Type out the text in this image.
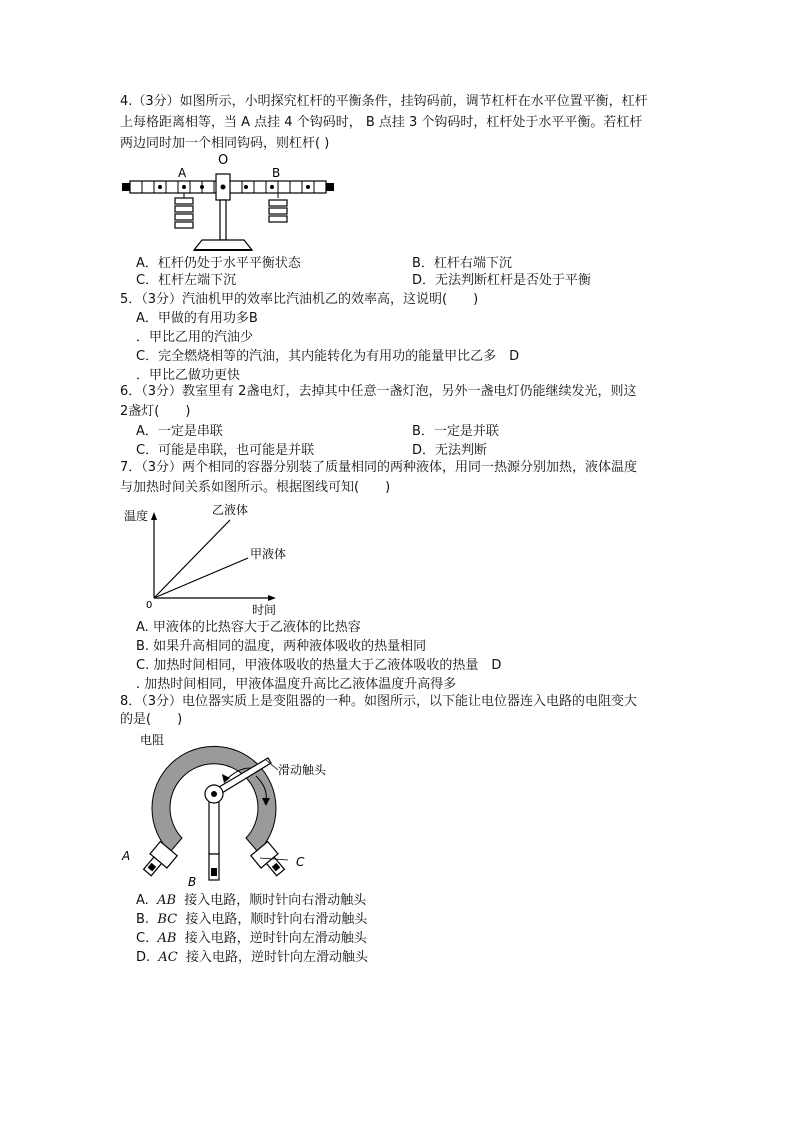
4.（3分）如图所示，小明探究杠杆的平衡条件，挂钩码前，调节杠杆在水平位置平衡，杠杆
上每格距离相等，当 A 点挂 4 个钩码时， B 点挂 3 个钩码时，杠杆处于水平平衡。若杠杆
两边同时加一个相同钩码，则杠杆( )
O
A	B
A．杠杆仍处于水平平衡状态	B．杠杆右端下沉
C．杠杆左端下沉	D．无法判断杠杆是否处于平衡
5．（3分）汽油机甲的效率比汽油机乙的效率高，这说明(　　)
A．甲做的有用功多B
．甲比乙用的汽油少
C．完全燃烧相等的汽油，其内能转化为有用功的能量甲比乙多　D
．甲比乙做功更快
6．（3分）教室里有 2盏电灯，去掉其中任意一盏灯泡，另外一盏电灯仍能继续发光，则这
2盏灯(　　)
A．一定是串联	B．一定是并联
C．可能是串联，也可能是并联	D．无法判断
7．（3分）两个相同的容器分别装了质量相同的两种液体，用同一热源分别加热，液体温度
与加热时间关系如图所示。根据图线可知(　　)
温度
时间
0
乙液体
甲液体
A. 甲液体的比热容大于乙液体的比热容
B. 如果升高相同的温度，两种液体吸收的热量相同
C. 加热时间相同，甲液体吸收的热量大于乙液体吸收的热量　D
. 加热时间相同，甲液体温度升高比乙液体温度升高得多
8．（3分）电位器实质上是变阻器的一种。如图所示，以下能让电位器连入电路的电阻变大
的是(　　)
电阻
滑动触头
A
B
C
A. AB 接入电路，顺时针向右滑动触头
B. BC 接入电路，顺时针向右滑动触头
C. AB 接入电路，逆时针向左滑动触头
D. AC 接入电路，逆时针向左滑动触头
